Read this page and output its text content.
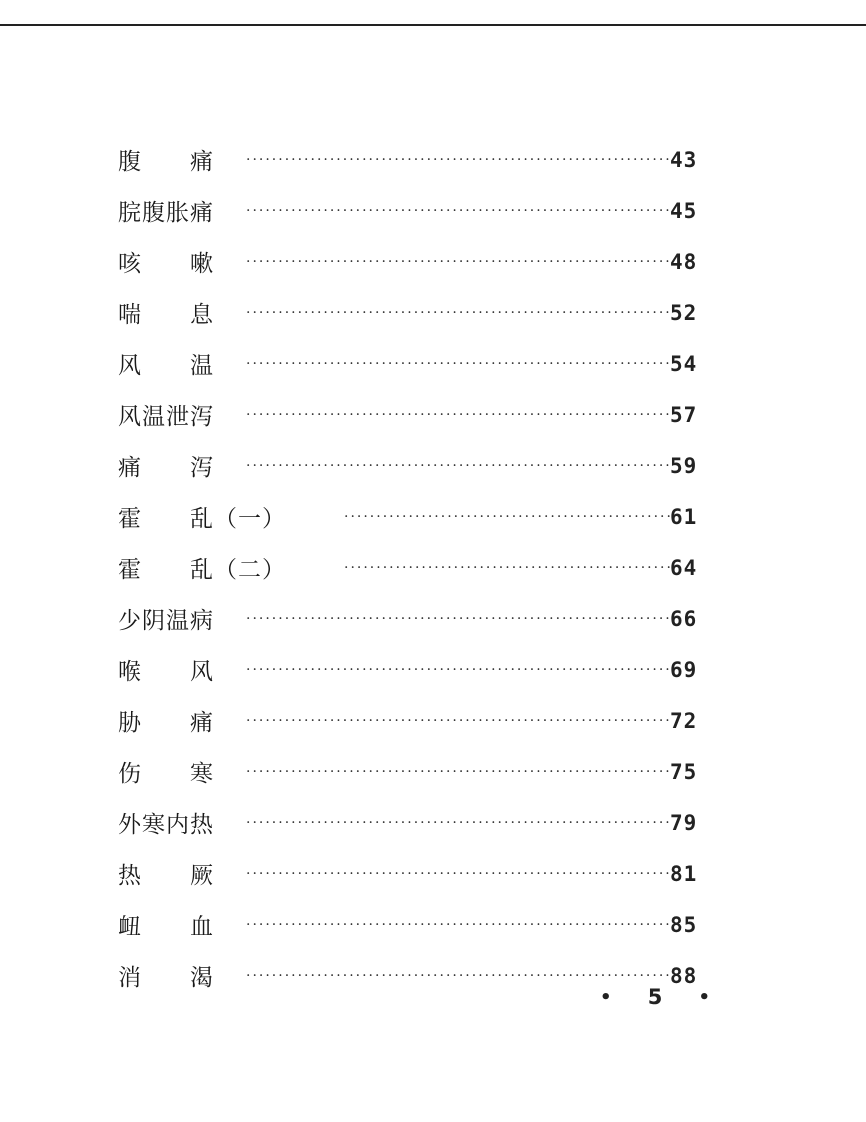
腹　　痛 ·····	43
脘腹胀痛 ·····	45
咳　　嗽 ·····	48
喘　　息 ·····	52
风　　温 ·····	54
风温泄泻 ·····	57
痛　　泻 ·····	59
霍　　乱（一） ·····	61
霍　　乱（二） ·····	64
少阴温病 ·····	66
喉　　风 ·····	69
胁　　痛 ·····	72
伤　　寒 ·····	75
外寒内热 ·····	79
热　　厥 ·····	81
衄　　血 ·····	85
消　　渴 ·····	88
• 5 •
